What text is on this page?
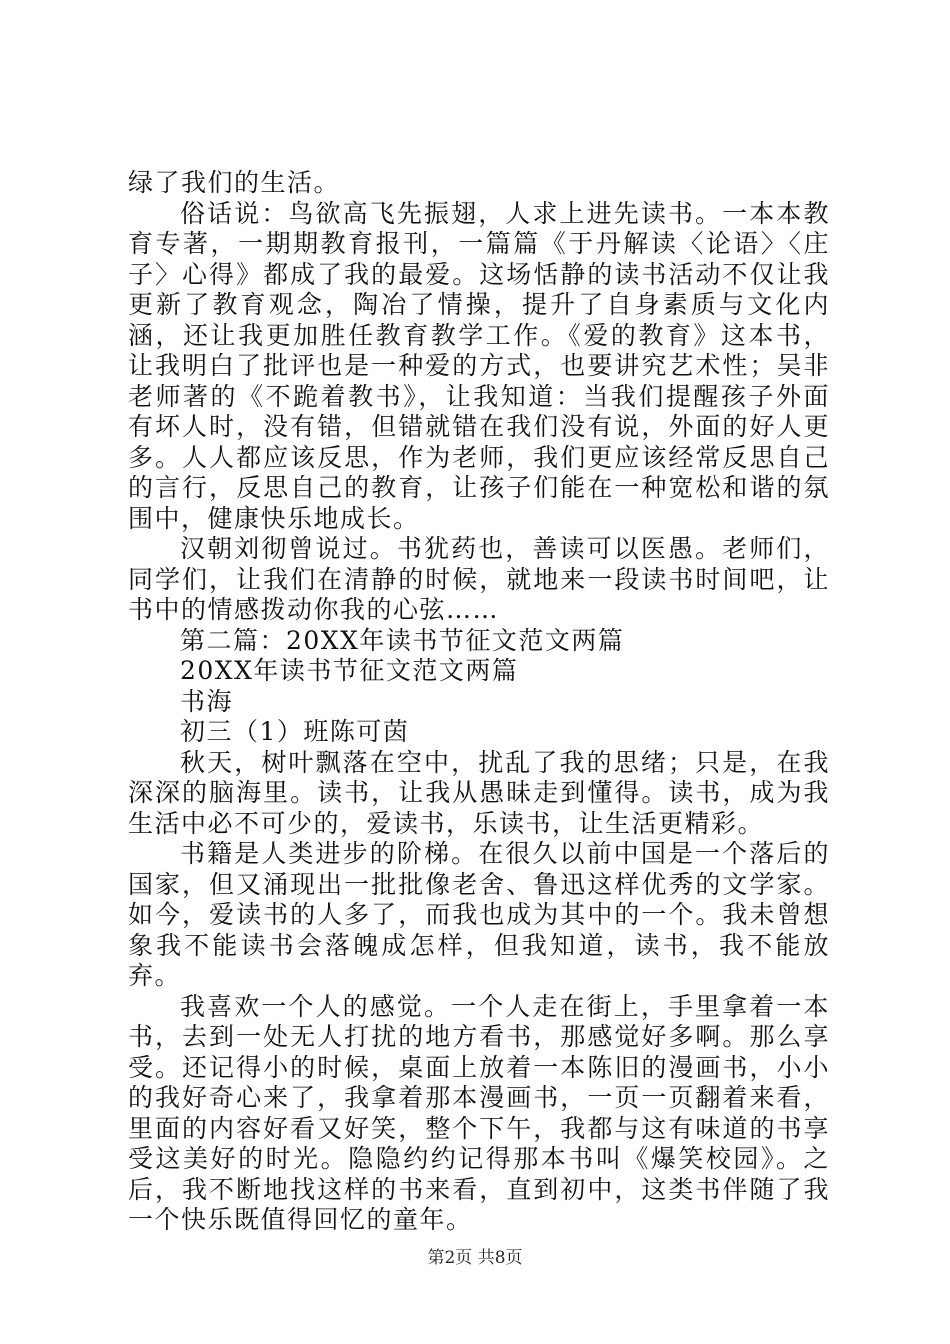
绿了我们的生活。

俗话说：鸟欲高飞先振翅，人求上进先读书。一本本教育专著，一期期教育报刊，一篇篇《于丹解读〈论语〉〈庄子〉心得》都成了我的最爱。这场恬静的读书活动不仅让我更新了教育观念，陶冶了情操，提升了自身素质与文化内涵，还让我更加胜任教育教学工作。《爱的教育》这本书，让我明白了批评也是一种爱的方式，也要讲究艺术性；吴非老师著的《不跪着教书》，让我知道：当我们提醒孩子外面有坏人时，没有错，但错就错在我们没有说，外面的好人更多。人人都应该反思，作为老师，我们更应该经常反思自己的言行，反思自己的教育，让孩子们能在一种宽松和谐的氛围中，健康快乐地成长。

汉朝刘彻曾说过。书犹药也，善读可以医愚。老师们，同学们，让我们在清静的时候，就地来一段读书时间吧，让书中的情感拨动你我的心弦……

第二篇：20XX年读书节征文范文两篇

20XX年读书节征文范文两篇

书海

初三（1）班陈可茵

秋天，树叶飘落在空中，扰乱了我的思绪；只是，在我深深的脑海里。读书，让我从愚昧走到懂得。读书，成为我生活中必不可少的，爱读书，乐读书，让生活更精彩。

书籍是人类进步的阶梯。在很久以前中国是一个落后的国家，但又涌现出一批批像老舍、鲁迅这样优秀的文学家。如今，爱读书的人多了，而我也成为其中的一个。我未曾想象我不能读书会落魄成怎样，但我知道，读书，我不能放弃。

我喜欢一个人的感觉。一个人走在街上，手里拿着一本书，去到一处无人打扰的地方看书，那感觉好多啊。那么享受。还记得小的时候，桌面上放着一本陈旧的漫画书，小小的我好奇心来了，我拿着那本漫画书，一页一页翻着来看，里面的内容好看又好笑，整个下午，我都与这有味道的书享受这美好的时光。隐隐约约记得那本书叫《爆笑校园》。之后，我不断地找这样的书来看，直到初中，这类书伴随了我一个快乐既值得回忆的童年。

第2页 共8页
